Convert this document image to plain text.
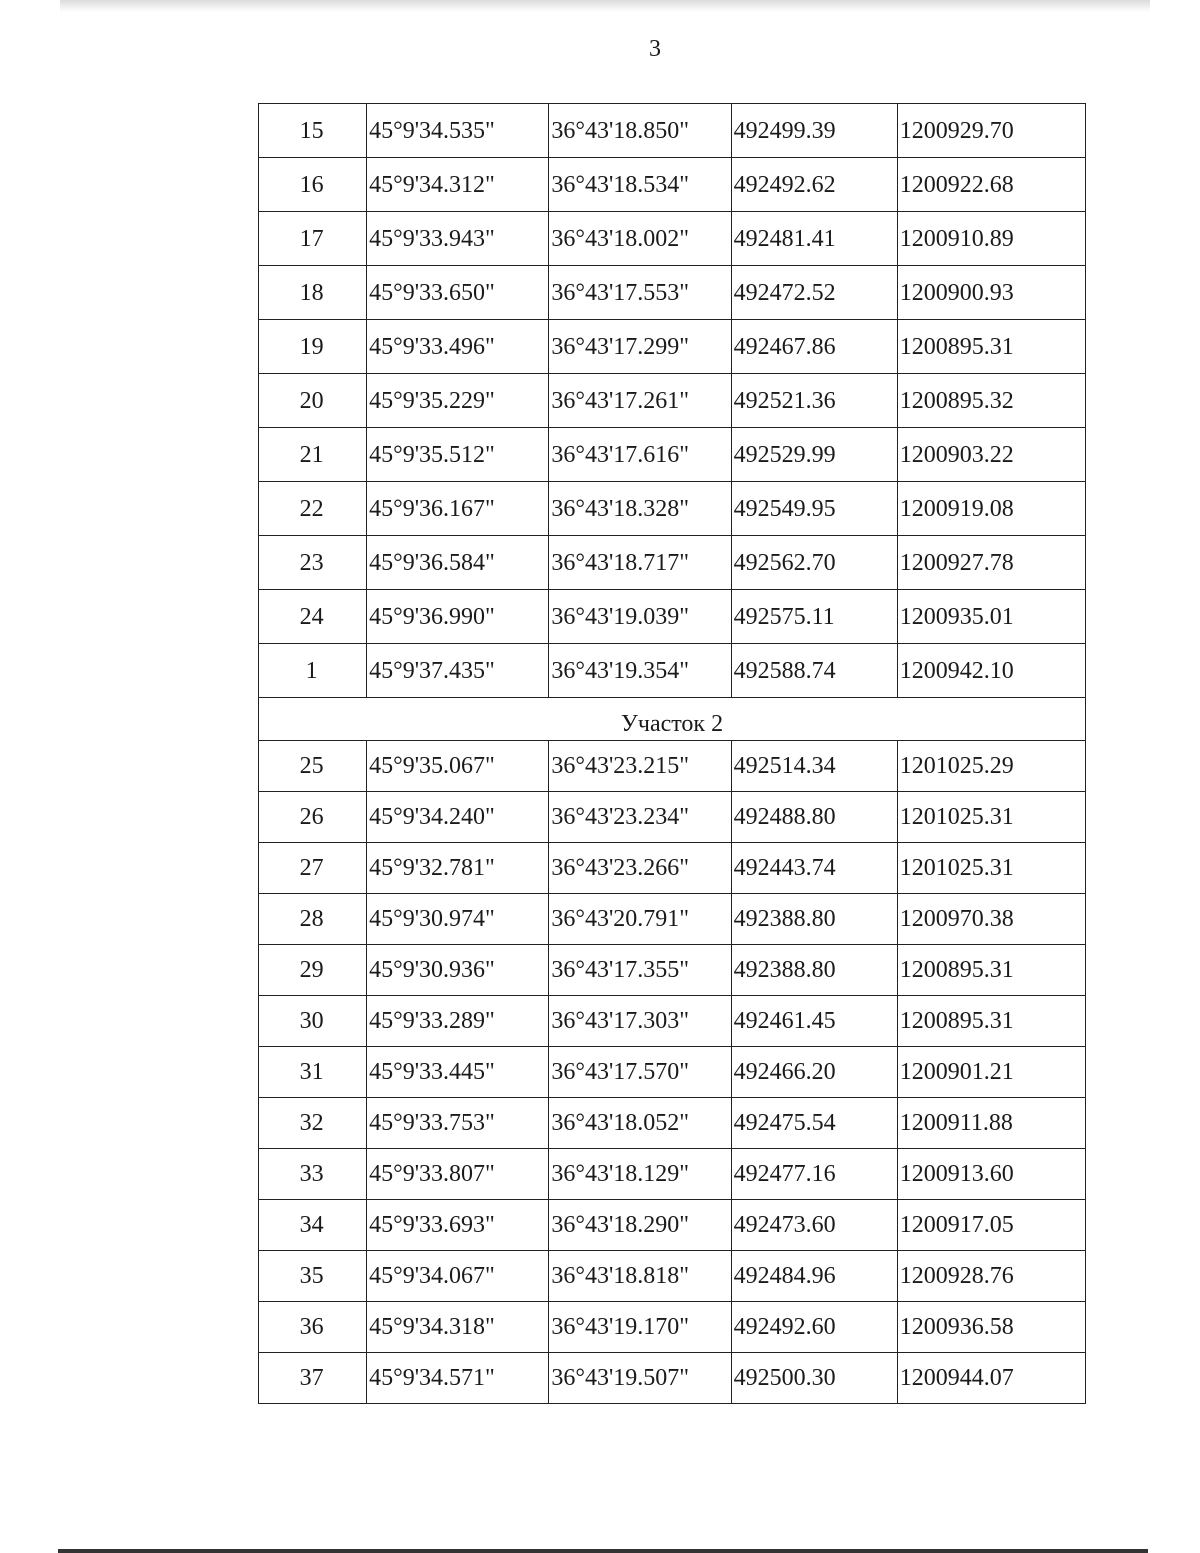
3
15	45°9'34.535"	36°43'18.850"	492499.39	1200929.70
16	45°9'34.312"	36°43'18.534"	492492.62	1200922.68
17	45°9'33.943"	36°43'18.002"	492481.41	1200910.89
18	45°9'33.650"	36°43'17.553"	492472.52	1200900.93
19	45°9'33.496"	36°43'17.299"	492467.86	1200895.31
20	45°9'35.229"	36°43'17.261"	492521.36	1200895.32
21	45°9'35.512"	36°43'17.616"	492529.99	1200903.22
22	45°9'36.167"	36°43'18.328"	492549.95	1200919.08
23	45°9'36.584"	36°43'18.717"	492562.70	1200927.78
24	45°9'36.990"	36°43'19.039"	492575.11	1200935.01
1	45°9'37.435"	36°43'19.354"	492588.74	1200942.10
Участок 2				
25	45°9'35.067"	36°43'23.215"	492514.34	1201025.29
26	45°9'34.240"	36°43'23.234"	492488.80	1201025.31
27	45°9'32.781"	36°43'23.266"	492443.74	1201025.31
28	45°9'30.974"	36°43'20.791"	492388.80	1200970.38
29	45°9'30.936"	36°43'17.355"	492388.80	1200895.31
30	45°9'33.289"	36°43'17.303"	492461.45	1200895.31
31	45°9'33.445"	36°43'17.570"	492466.20	1200901.21
32	45°9'33.753"	36°43'18.052"	492475.54	1200911.88
33	45°9'33.807"	36°43'18.129"	492477.16	1200913.60
34	45°9'33.693"	36°43'18.290"	492473.60	1200917.05
35	45°9'34.067"	36°43'18.818"	492484.96	1200928.76
36	45°9'34.318"	36°43'19.170"	492492.60	1200936.58
37	45°9'34.571"	36°43'19.507"	492500.30	1200944.07
